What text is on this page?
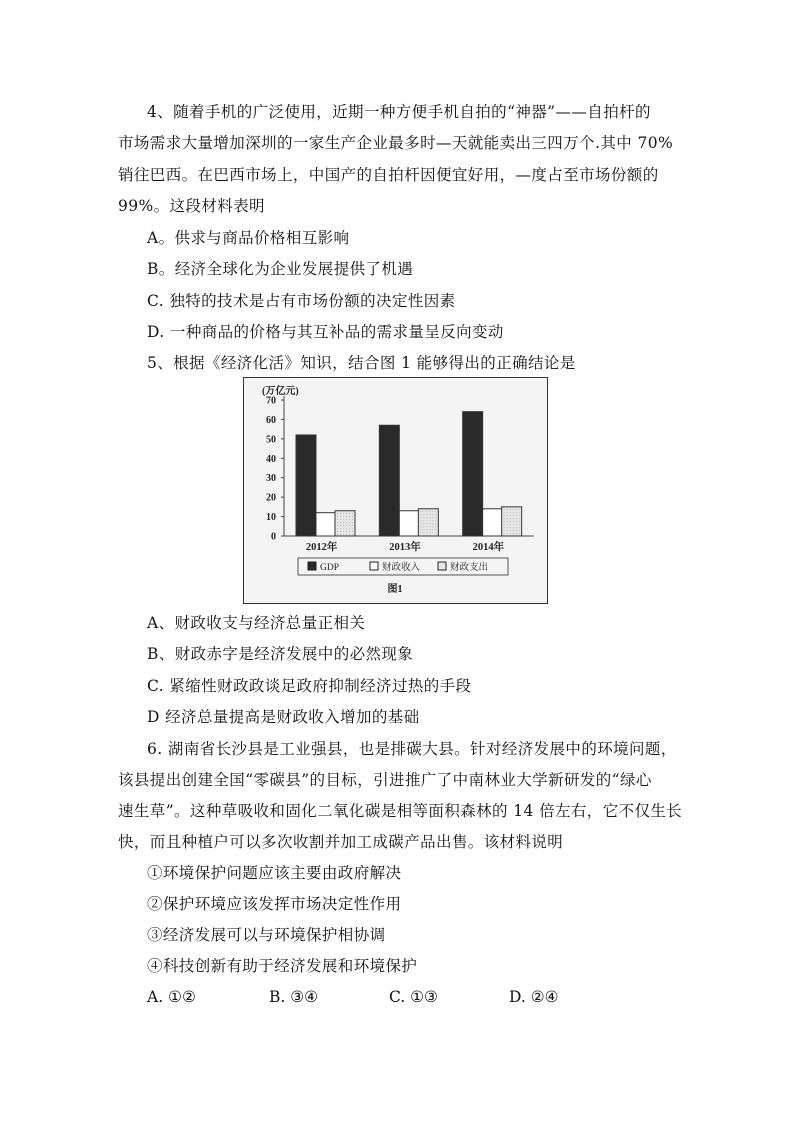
4、随着手机的广泛使用，近期一种方便手机自拍的“神器”——自拍杆的
市场需求大量增加深圳的一家生产企业最多时—天就能卖出三四万个.其中 70%
销往巴西。在巴西市场上，中国产的自拍杆因便宜好用，—度占至市场份额的
99%。这段材料表明
A。供求与商品价格相互影响
B。经济全球化为企业发展提供了机遇
C. 独特的技术是占有市场份额的决定性因素
D. 一种商品的价格与其互补品的需求量呈反向变动
5、根据《经济化活》知识，结合图 1 能够得出的正确结论是
(万亿元)
0
10
20
30
40
50
60
70
2012年	2013年	2014年
GDP	财政收入	财政支出
图1
A、财政收支与经济总量正相关
B、财政赤字是经济发展中的必然现象
C. 紧缩性财政政谈足政府抑制经济过热的手段
D 经济总量提高是财政收入增加的基础
6. 湖南省长沙县是工业强县，也是排碳大县。针对经济发展中的环境问题，
该县提出创建全国“零碳县”的目标，引进推广了中南林业大学新研发的“绿心
速生草”。这种草吸收和固化二氧化碳是相等面积森林的 14 倍左右，它不仅生长
快，而且种植户可以多次收割并加工成碳产品出售。该材料说明
①环境保护问题应该主要由政府解决
②保护环境应该发挥市场决定性作用
③经济发展可以与环境保护相协调
④科技创新有助于经济发展和环境保护
A. ①②	B. ③④	C. ①③	D. ②④
